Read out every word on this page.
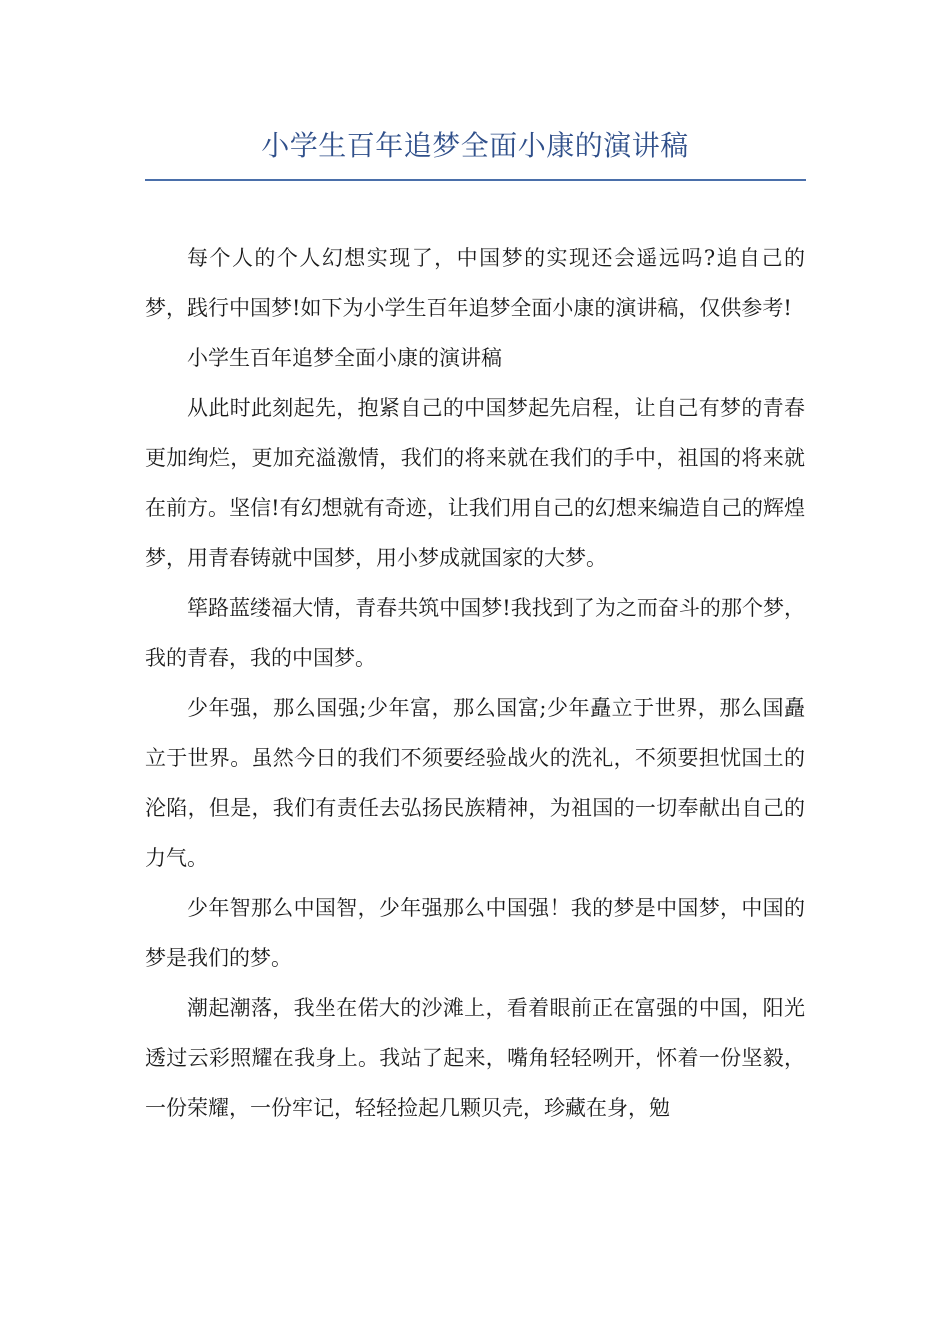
小学生百年追梦全面小康的演讲稿

每个人的个人幻想实现了，中国梦的实现还会遥远吗?追自己的梦，践行中国梦!如下为小学生百年追梦全面小康的演讲稿，仅供参考!

小学生百年追梦全面小康的演讲稿

从此时此刻起先，抱紧自己的中国梦起先启程，让自己有梦的青春更加绚烂，更加充溢激情，我们的将来就在我们的手中，祖国的将来就在前方。坚信!有幻想就有奇迹，让我们用自己的幻想来编造自己的辉煌梦，用青春铸就中国梦，用小梦成就国家的大梦。

筚路蓝缕福大情，青春共筑中国梦!我找到了为之而奋斗的那个梦，我的青春，我的中国梦。

少年强，那么国强;少年富，那么国富;少年矗立于世界，那么国矗立于世界。虽然今日的我们不须要经验战火的洗礼，不须要担忧国土的沦陷，但是，我们有责任去弘扬民族精神，为祖国的一切奉献出自己的力气。

少年智那么中国智，少年强那么中国强！我的梦是中国梦，中国的梦是我们的梦。

潮起潮落，我坐在偌大的沙滩上，看着眼前正在富强的中国，阳光透过云彩照耀在我身上。我站了起来，嘴角轻轻咧开，怀着一份坚毅，一份荣耀，一份牢记，轻轻捡起几颗贝壳，珍藏在身，勉
